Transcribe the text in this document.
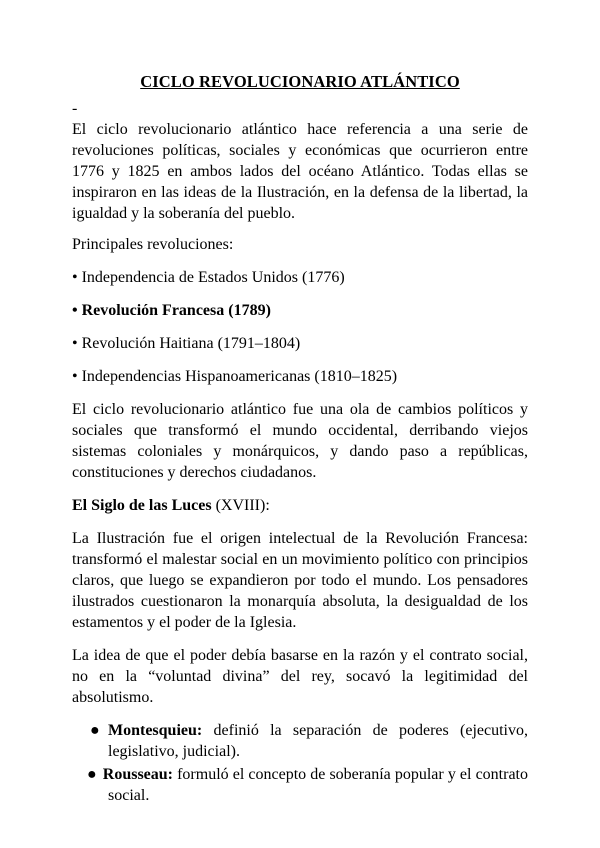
CICLO REVOLUCIONARIO ATLÁNTICO
-

El ciclo revolucionario atlántico hace referencia a una serie de revoluciones políticas, sociales y económicas que ocurrieron entre 1776 y 1825 en ambos lados del océano Atlántico. Todas ellas se inspiraron en las ideas de la Ilustración, en la defensa de la libertad, la igualdad y la soberanía del pueblo.

Principales revoluciones:
• Independencia de Estados Unidos (1776)
• Revolución Francesa (1789)
• Revolución Haitiana (1791–1804)
• Independencias Hispanoamericanas (1810–1825)

El ciclo revolucionario atlántico fue una ola de cambios políticos y sociales que transformó el mundo occidental, derribando viejos sistemas coloniales y monárquicos, y dando paso a repúblicas, constituciones y derechos ciudadanos.

El Siglo de las Luces (XVIII):

La Ilustración fue el origen intelectual de la Revolución Francesa: transformó el malestar social en un movimiento político con principios claros, que luego se expandieron por todo el mundo. Los pensadores ilustrados cuestionaron la monarquía absoluta, la desigualdad de los estamentos y el poder de la Iglesia.

La idea de que el poder debía basarse en la razón y el contrato social, no en la “voluntad divina” del rey, socavó la legitimidad del absolutismo.

● Montesquieu: definió la separación de poderes (ejecutivo, legislativo, judicial).
● Rousseau: formuló el concepto de soberanía popular y el contrato social.
